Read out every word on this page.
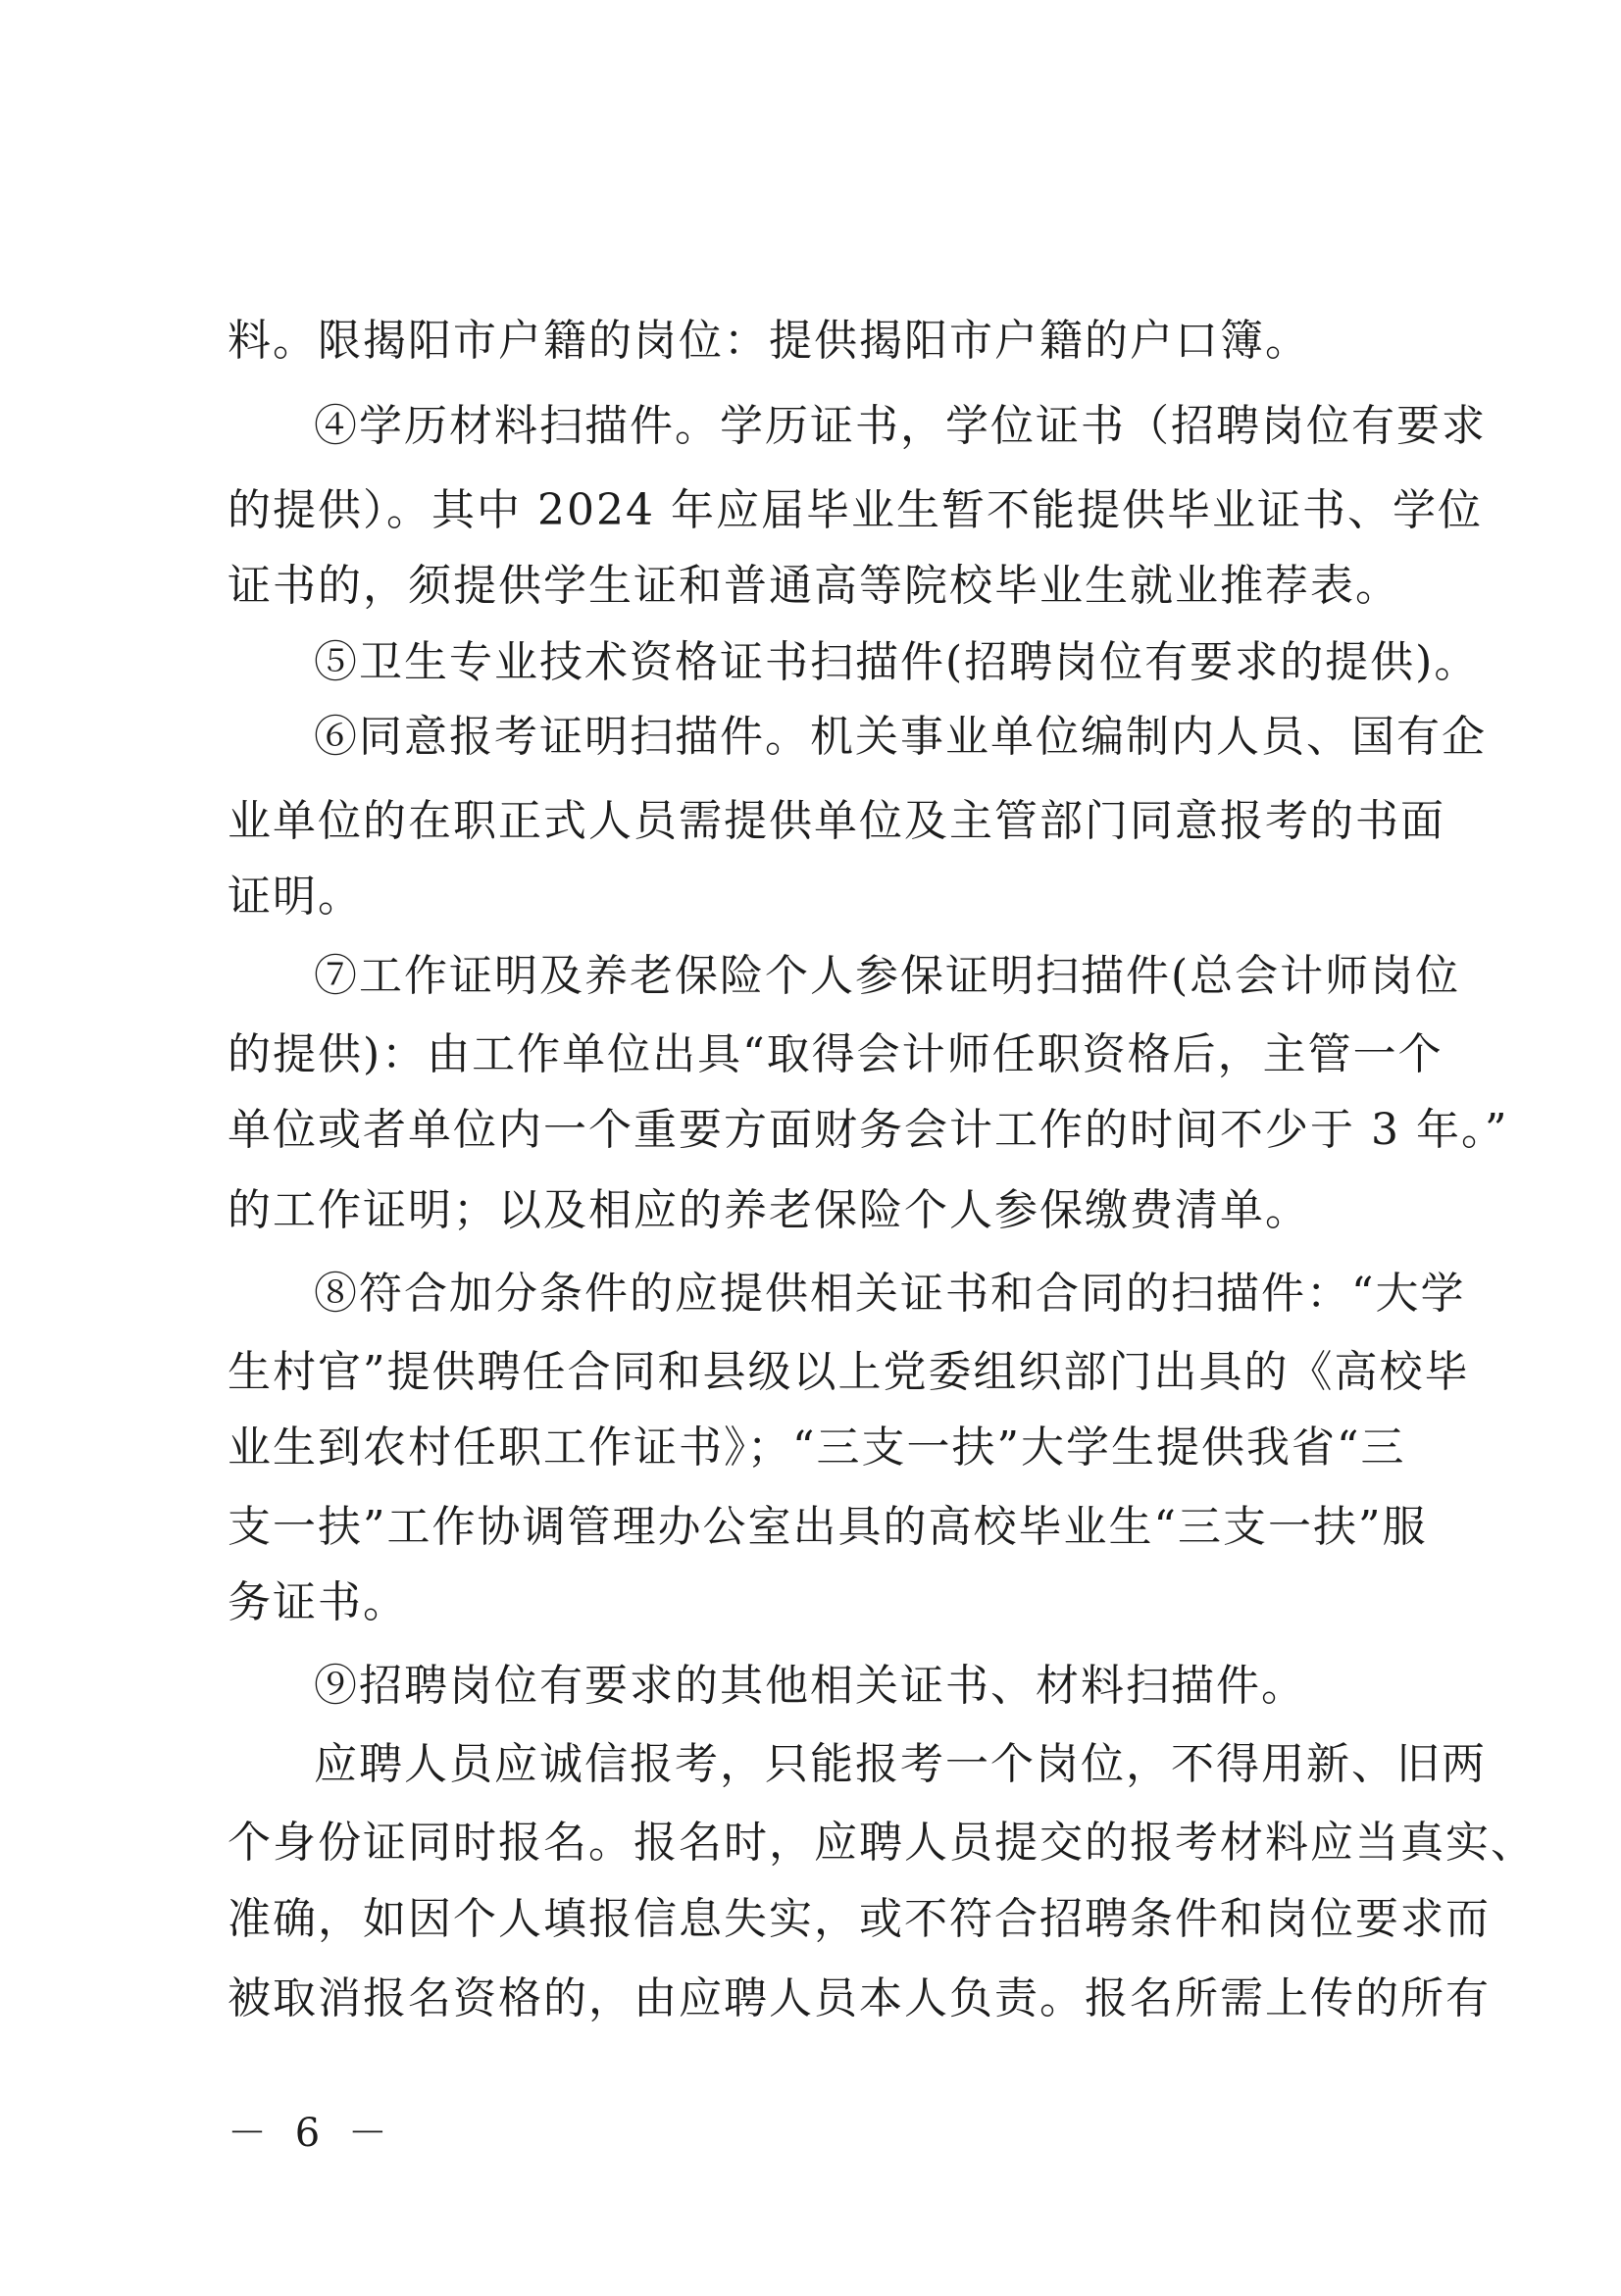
料。限揭阳市户籍的岗位：提供揭阳市户籍的户口簿。
④学历材料扫描件。学历证书，学位证书（招聘岗位有要求
的提供）。其中 2024 年应届毕业生暂不能提供毕业证书、学位
证书的，须提供学生证和普通高等院校毕业生就业推荐表。
⑤卫生专业技术资格证书扫描件(招聘岗位有要求的提供)。
⑥同意报考证明扫描件。机关事业单位编制内人员、国有企
业单位的在职正式人员需提供单位及主管部门同意报考的书面
证明。
⑦工作证明及养老保险个人参保证明扫描件(总会计师岗位
的提供)：由工作单位出具“取得会计师任职资格后，主管一个
单位或者单位内一个重要方面财务会计工作的时间不少于 3 年。”
的工作证明；以及相应的养老保险个人参保缴费清单。
⑧符合加分条件的应提供相关证书和合同的扫描件：“大学
生村官”提供聘任合同和县级以上党委组织部门出具的《高校毕
业生到农村任职工作证书》；“三支一扶”大学生提供我省“三
支一扶”工作协调管理办公室出具的高校毕业生“三支一扶”服
务证书。
⑨招聘岗位有要求的其他相关证书、材料扫描件。
应聘人员应诚信报考，只能报考一个岗位，不得用新、旧两
个身份证同时报名。报名时，应聘人员提交的报考材料应当真实、
准确，如因个人填报信息失实，或不符合招聘条件和岗位要求而
被取消报名资格的，由应聘人员本人负责。报名所需上传的所有
－ 6 －
